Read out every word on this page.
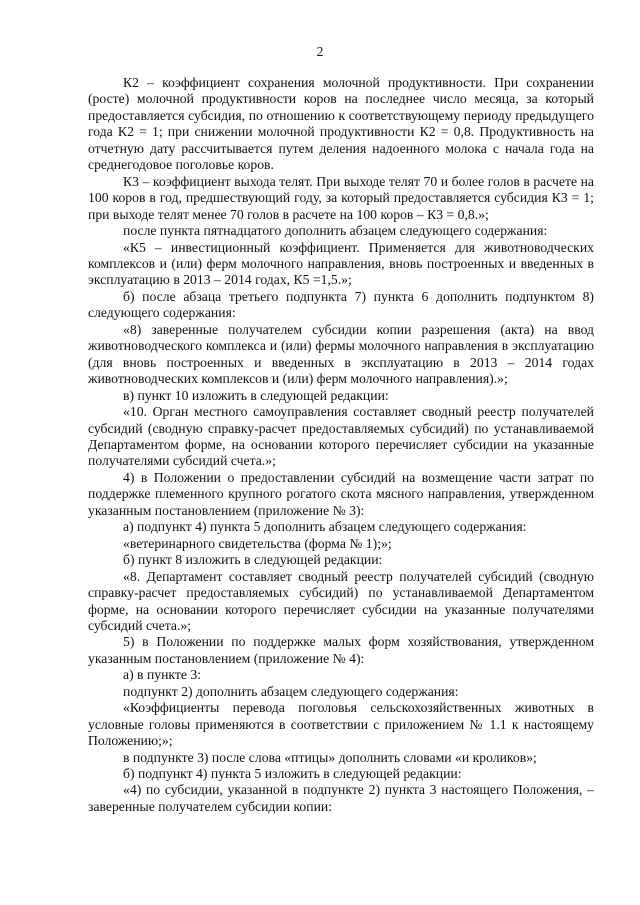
2

К2 – коэффициент сохранения молочной продуктивности. При сохранении (росте) молочной продуктивности коров на последнее число месяца, за который предоставляется субсидия, по отношению к соответствующему периоду предыдущего года К2 = 1; при снижении молочной продуктивности К2 = 0,8. Продуктивность на отчетную дату рассчитывается путем деления надоенного молока с начала года на среднегодовое поголовье коров.

К3 – коэффициент выхода телят. При выходе телят 70 и более голов в расчете на 100 коров в год, предшествующий году, за который предоставляется субсидия К3 = 1; при выходе телят менее 70 голов в расчете на 100 коров – К3 = 0,8.»;

после пункта пятнадцатого дополнить абзацем следующего содержания:

«К5 – инвестиционный коэффициент. Применяется для животноводческих комплексов и (или) ферм молочного направления, вновь построенных и введенных в эксплуатацию в 2013 – 2014 годах, К5 =1,5.»;

б) после абзаца третьего подпункта 7) пункта 6 дополнить подпунктом 8) следующего содержания:

«8) заверенные получателем субсидии копии разрешения (акта) на ввод животноводческого комплекса и (или) фермы молочного направления в эксплуатацию (для вновь построенных и введенных в эксплуатацию в 2013 – 2014 годах животноводческих комплексов и (или) ферм молочного направления).»;

в) пункт 10 изложить в следующей редакции:

«10. Орган местного самоуправления составляет сводный реестр получателей субсидий (сводную справку-расчет предоставляемых субсидий) по устанавливаемой Департаментом форме, на основании которого перечисляет субсидии на указанные получателями субсидий счета.»;

4) в Положении о предоставлении субсидий на возмещение части затрат по поддержке племенного крупного рогатого скота мясного направления, утвержденном указанным постановлением (приложение № 3):

а) подпункт 4) пункта 5 дополнить абзацем следующего содержания:

«ветеринарного свидетельства (форма № 1);»;

б) пункт 8 изложить в следующей редакции:

«8. Департамент составляет сводный реестр получателей субсидий (сводную справку-расчет предоставляемых субсидий) по устанавливаемой Департаментом форме, на основании которого перечисляет субсидии на указанные получателями субсидий счета.»;

5) в Положении по поддержке малых форм хозяйствования, утвержденном указанным постановлением (приложение № 4):

а) в пункте 3:

подпункт 2) дополнить абзацем следующего содержания:

«Коэффициенты перевода поголовья сельскохозяйственных животных в условные головы применяются в соответствии с приложением № 1.1 к настоящему Положению;»;

в подпункте 3) после слова «птицы» дополнить словами «и кроликов»;

б) подпункт 4) пункта 5 изложить в следующей редакции:

«4) по субсидии, указанной в подпункте 2) пункта 3 настоящего Положения, – заверенные получателем субсидии копии:
